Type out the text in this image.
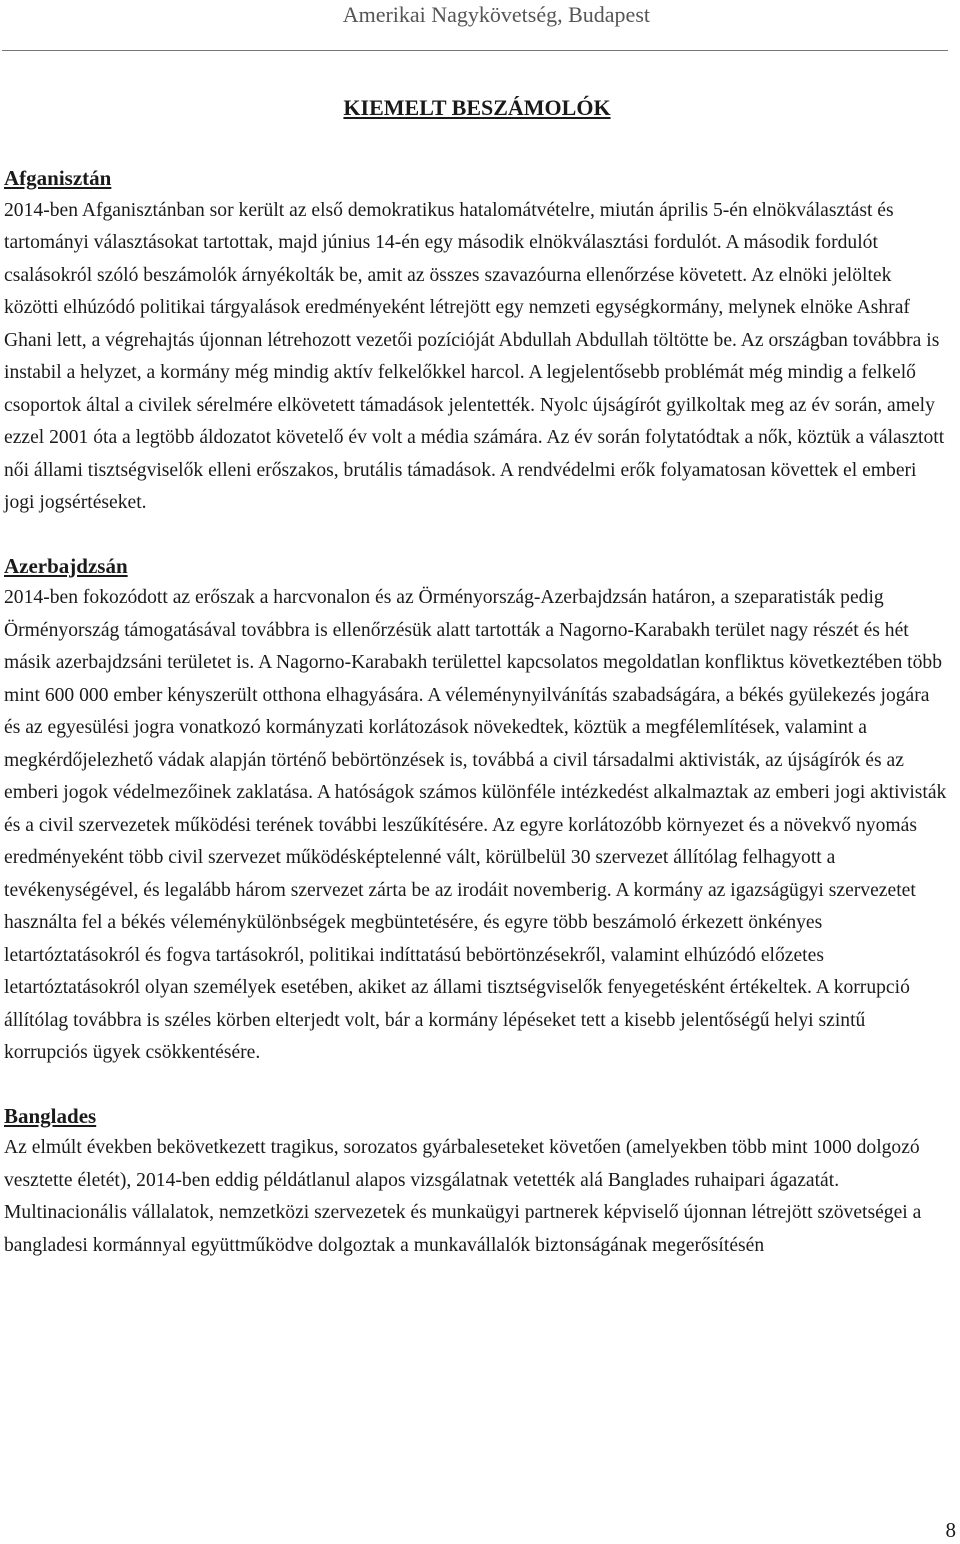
Amerikai Nagykövetség, Budapest
KIEMELT BESZÁMOLÓK
Afganisztán

2014-ben Afganisztánban sor került az első demokratikus hatalomátvételre, miután április 5-én elnökválasztást és tartományi választásokat tartottak, majd június 14-én egy második elnökválasztási fordulót. A második fordulót csalásokról szóló beszámolók árnyékolták be, amit az összes szavazóurna ellenőrzése követett. Az elnöki jelöltek közötti elhúzódó politikai tárgyalások eredményeként létrejött egy nemzeti egységkormány, melynek elnöke Ashraf Ghani lett, a végrehajtás újonnan létrehozott vezetői pozícióját Abdullah Abdullah töltötte be. Az országban továbbra is instabil a helyzet, a kormány még mindig aktív felkelőkkel harcol. A legjelentősebb problémát még mindig a felkelő csoportok által a civilek sérelmére elkövetett támadások jelentették. Nyolc újságírót gyilkoltak meg az év során, amely ezzel 2001 óta a legtöbb áldozatot követelő év volt a média számára. Az év során folytatódtak a nők, köztük a választott női állami tisztségviselők elleni erőszakos, brutális támadások. A rendvédelmi erők folyamatosan követtek el emberi jogi jogsértéseket.

Azerbajdzsán

2014-ben fokozódott az erőszak a harcvonalon és az Örményország-Azerbajdzsán határon, a szeparatisták pedig Örményország támogatásával továbbra is ellenőrzésük alatt tartották a Nagorno-Karabakh terület nagy részét és hét másik azerbajdzsáni területet is. A Nagorno-Karabakh területtel kapcsolatos megoldatlan konfliktus következtében több mint 600 000 ember kényszerült otthona elhagyására. A véleménynyilvánítás szabadságára, a békés gyülekezés jogára és az egyesülési jogra vonatkozó kormányzati korlátozások növekedtek, köztük a megfélemlítések, valamint a megkérdőjelezhető vádak alapján történő bebörtönzések is, továbbá a civil társadalmi aktivisták, az újságírók és az emberi jogok védelmezőinek zaklatása. A hatóságok számos különféle intézkedést alkalmaztak az emberi jogi aktivisták és a civil szervezetek működési terének további leszűkítésére. Az egyre korlátozóbb környezet és a növekvő nyomás eredményeként több civil szervezet működésképtelenné vált, körülbelül 30 szervezet állítólag felhagyott a tevékenységével, és legalább három szervezet zárta be az irodáit novemberig. A kormány az igazságügyi szervezetet használta fel a békés véleménykülönbségek megbüntetésére, és egyre több beszámoló érkezett önkényes letartóztatásokról és fogva tartásokról, politikai indíttatású bebörtönzésekről, valamint elhúzódó előzetes letartóztatásokról olyan személyek esetében, akiket az állami tisztségviselők fenyegetésként értékeltek. A korrupció állítólag továbbra is széles körben elterjedt volt, bár a kormány lépéseket tett a kisebb jelentőségű helyi szintű korrupciós ügyek csökkentésére.

Banglades

Az elmúlt években bekövetkezett tragikus, sorozatos gyárbaleseteket követően (amelyekben több mint 1000 dolgozó vesztette életét), 2014-ben eddig példátlanul alapos vizsgálatnak vetették alá Banglades ruhaipari ágazatát. Multinacionális vállalatok, nemzetközi szervezetek és munkaügyi partnerek képviselő újonnan létrejött szövetségei a bangladesi kormánnyal együttműködve dolgoztak a munkavállalók biztonságának megerősítésén

8
